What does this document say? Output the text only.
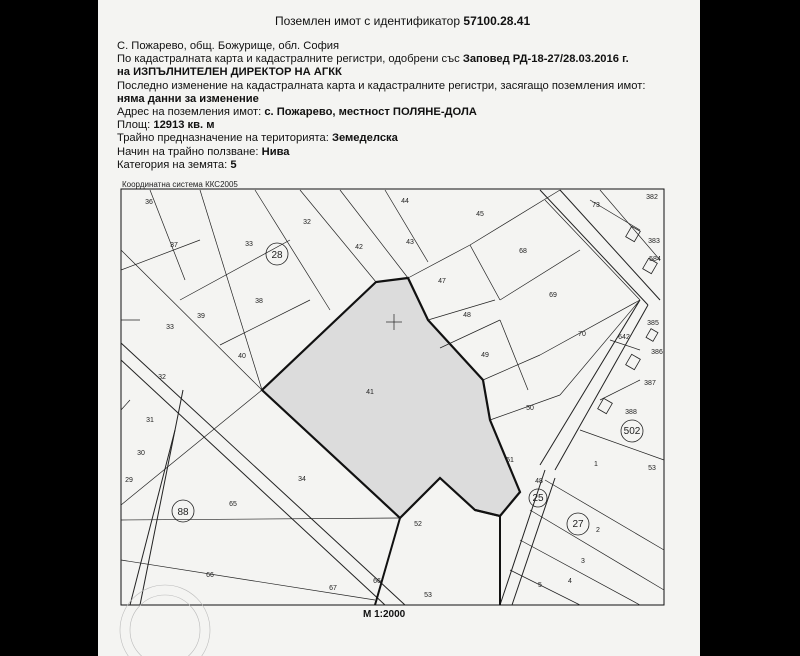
Поземлен имот с идентификатор 57100.28.41
С. Пожарево, общ. Божурище, обл. София
По кадастралната карта и кадастралните регистри, одобрени със Заповед РД-18-27/28.03.2016 г.
на ИЗПЪЛНИТЕЛЕН ДИРЕКТОР НА АГКК
Последно изменение на кадастралната карта и кадастралните регистри, засягащо поземления имот:
няма данни за изменение
Адрес на поземления имот: с. Пожарево, местност ПОЛЯНЕ-ДОЛА
Площ: 12913 кв. м
Трайно предназначение на територията: Земеделска
Начин на трайно ползване: Нива
Категория на земята: 5
Координатна система ККС2005
36
37	33
28
32
42
43
44
45
73
382
383
584
68
47
69
48
38
39
33
40
32
31
30
29
41
49
70	642
385
386
387
388
50
502
1
53
51
48
25
27
2
3
4
5
88
65
34
52
66
67
66
53
М 1:2000
